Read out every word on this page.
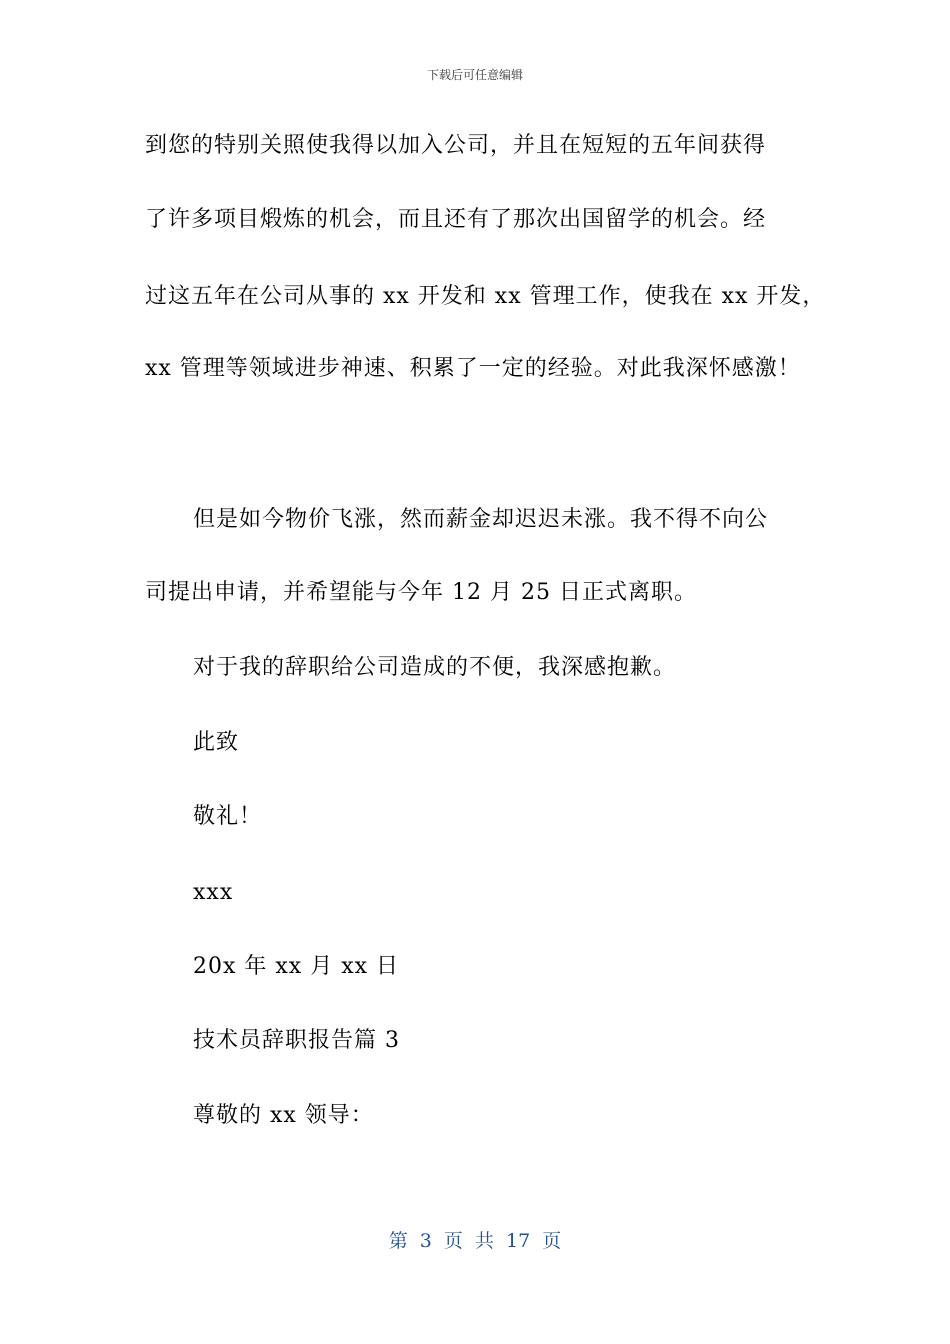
下载后可任意编辑
到您的特别关照使我得以加入公司，并且在短短的五年间获得
了许多项目煅炼的机会，而且还有了那次出国留学的机会。经
过这五年在公司从事的 xx 开发和 xx 管理工作，使我在 xx 开发，
xx 管理等领域进步神速、积累了一定的经验。对此我深怀感激！
但是如今物价飞涨，然而薪金却迟迟未涨。我不得不向公
司提出申请，并希望能与今年 12 月 25 日正式离职。
对于我的辞职给公司造成的不便，我深感抱歉。
此致
敬礼！
xxx
20x 年 xx 月 xx 日
技术员辞职报告篇 3
尊敬的 xx 领导：
第 3 页 共 17 页
